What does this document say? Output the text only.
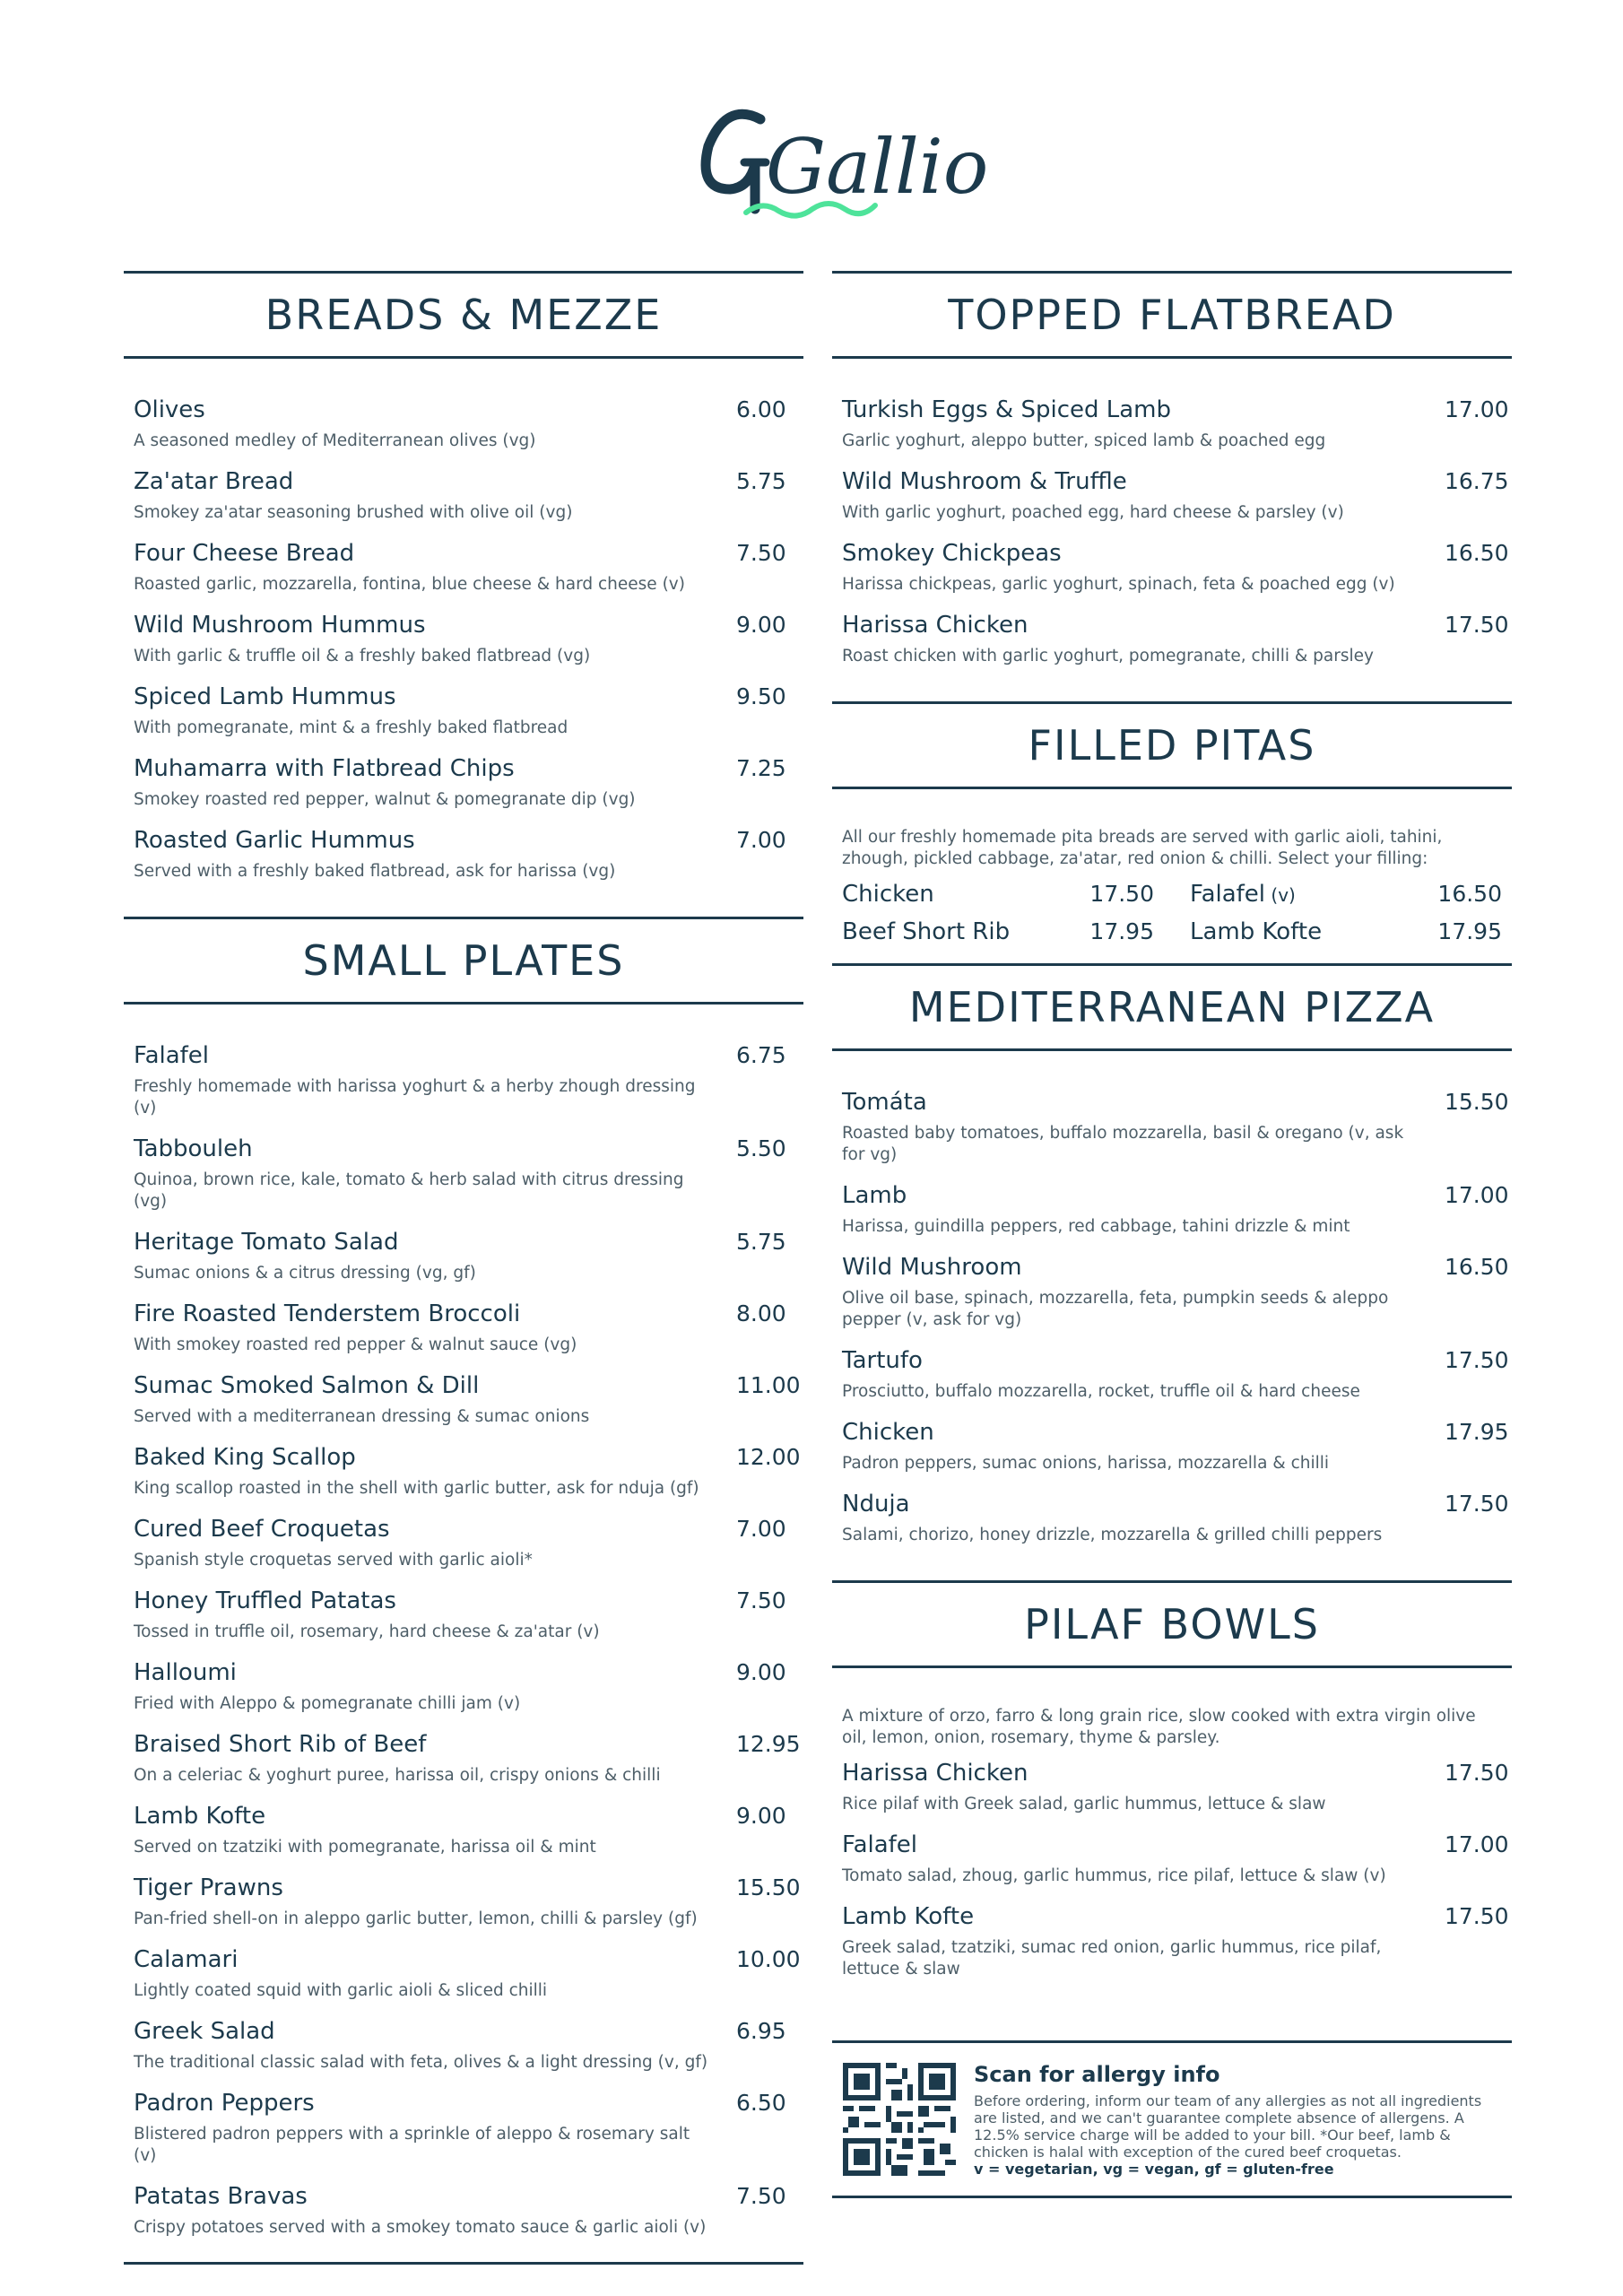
Gallio
BREADS & MEZZE
Olives	6.00
A seasoned medley of Mediterranean olives (vg)
Za'atar Bread	5.75
Smokey za'atar seasoning brushed with olive oil (vg)
Four Cheese Bread	7.50
Roasted garlic, mozzarella, fontina, blue cheese & hard cheese (v)
Wild Mushroom Hummus	9.00
With garlic & truffle oil & a freshly baked flatbread (vg)
Spiced Lamb Hummus	9.50
With pomegranate, mint & a freshly baked flatbread
Muhamarra with Flatbread Chips	7.25
Smokey roasted red pepper, walnut & pomegranate dip (vg)
Roasted Garlic Hummus	7.00
Served with a freshly baked flatbread, ask for harissa (vg)
SMALL PLATES
Falafel	6.75
Freshly homemade with harissa yoghurt & a herby zhough dressing (v)
Tabbouleh	5.50
Quinoa, brown rice, kale, tomato & herb salad with citrus dressing (vg)
Heritage Tomato Salad	5.75
Sumac onions & a citrus dressing (vg, gf)
Fire Roasted Tenderstem Broccoli	8.00
With smokey roasted red pepper & walnut sauce (vg)
Sumac Smoked Salmon & Dill	11.00
Served with a mediterranean dressing & sumac onions
Baked King Scallop	12.00
King scallop roasted in the shell with garlic butter, ask for nduja (gf)
Cured Beef Croquetas	7.00
Spanish style croquetas served with garlic aioli*
Honey Truffled Patatas	7.50
Tossed in truffle oil, rosemary, hard cheese & za'atar (v)
Halloumi	9.00
Fried with Aleppo & pomegranate chilli jam (v)
Braised Short Rib of Beef	12.95
On a celeriac & yoghurt puree, harissa oil, crispy onions & chilli
Lamb Kofte	9.00
Served on tzatziki with pomegranate, harissa oil & mint
Tiger Prawns	15.50
Pan-fried shell-on in aleppo garlic butter, lemon, chilli & parsley (gf)
Calamari	10.00
Lightly coated squid with garlic aioli & sliced chilli
Greek Salad	6.95
The traditional classic salad with feta, olives & a light dressing (v, gf)
Padron Peppers	6.50
Blistered padron peppers with a sprinkle of aleppo & rosemary salt (v)
Patatas Bravas	7.50
Crispy potatoes served with a smokey tomato sauce & garlic aioli (v)
TOPPED FLATBREAD
Turkish Eggs & Spiced Lamb	17.00
Garlic yoghurt, aleppo butter, spiced lamb & poached egg
Wild Mushroom & Truffle	16.75
With garlic yoghurt, poached egg, hard cheese & parsley (v)
Smokey Chickpeas	16.50
Harissa chickpeas, garlic yoghurt, spinach, feta & poached egg (v)
Harissa Chicken	17.50
Roast chicken with garlic yoghurt, pomegranate, chilli & parsley
FILLED PITAS
All our freshly homemade pita breads are served with garlic aioli, tahini, zhough, pickled cabbage, za'atar, red onion & chilli. Select your filling:
Chicken	17.50 Falafel (v)	16.50
Beef Short Rib	17.95 Lamb Kofte	17.95
MEDITERRANEAN PIZZA
Tomáta	15.50
Roasted baby tomatoes, buffalo mozzarella, basil & oregano (v, ask for vg)
Lamb	17.00
Harissa, guindilla peppers, red cabbage, tahini drizzle & mint
Wild Mushroom	16.50
Olive oil base, spinach, mozzarella, feta, pumpkin seeds & aleppo pepper (v, ask for vg)
Tartufo	17.50
Prosciutto, buffalo mozzarella, rocket, truffle oil & hard cheese
Chicken	17.95
Padron peppers, sumac onions, harissa, mozzarella & chilli
Nduja	17.50
Salami, chorizo, honey drizzle, mozzarella & grilled chilli peppers
PILAF BOWLS
A mixture of orzo, farro & long grain rice, slow cooked with extra virgin olive oil, lemon, onion, rosemary, thyme & parsley.
Harissa Chicken	17.50
Rice pilaf with Greek salad, garlic hummus, lettuce & slaw
Falafel	17.00
Tomato salad, zhoug, garlic hummus, rice pilaf, lettuce & slaw (v)
Lamb Kofte	17.50
Greek salad, tzatziki, sumac red onion, garlic hummus, rice pilaf, lettuce & slaw
Scan for allergy info
Before ordering, inform our team of any allergies as not all ingredients are listed, and we can't guarantee complete absence of allergens. A 12.5% service charge will be added to your bill. *Our beef, lamb & chicken is halal with exception of the cured beef croquetas.
v = vegetarian, vg = vegan, gf = gluten-free
